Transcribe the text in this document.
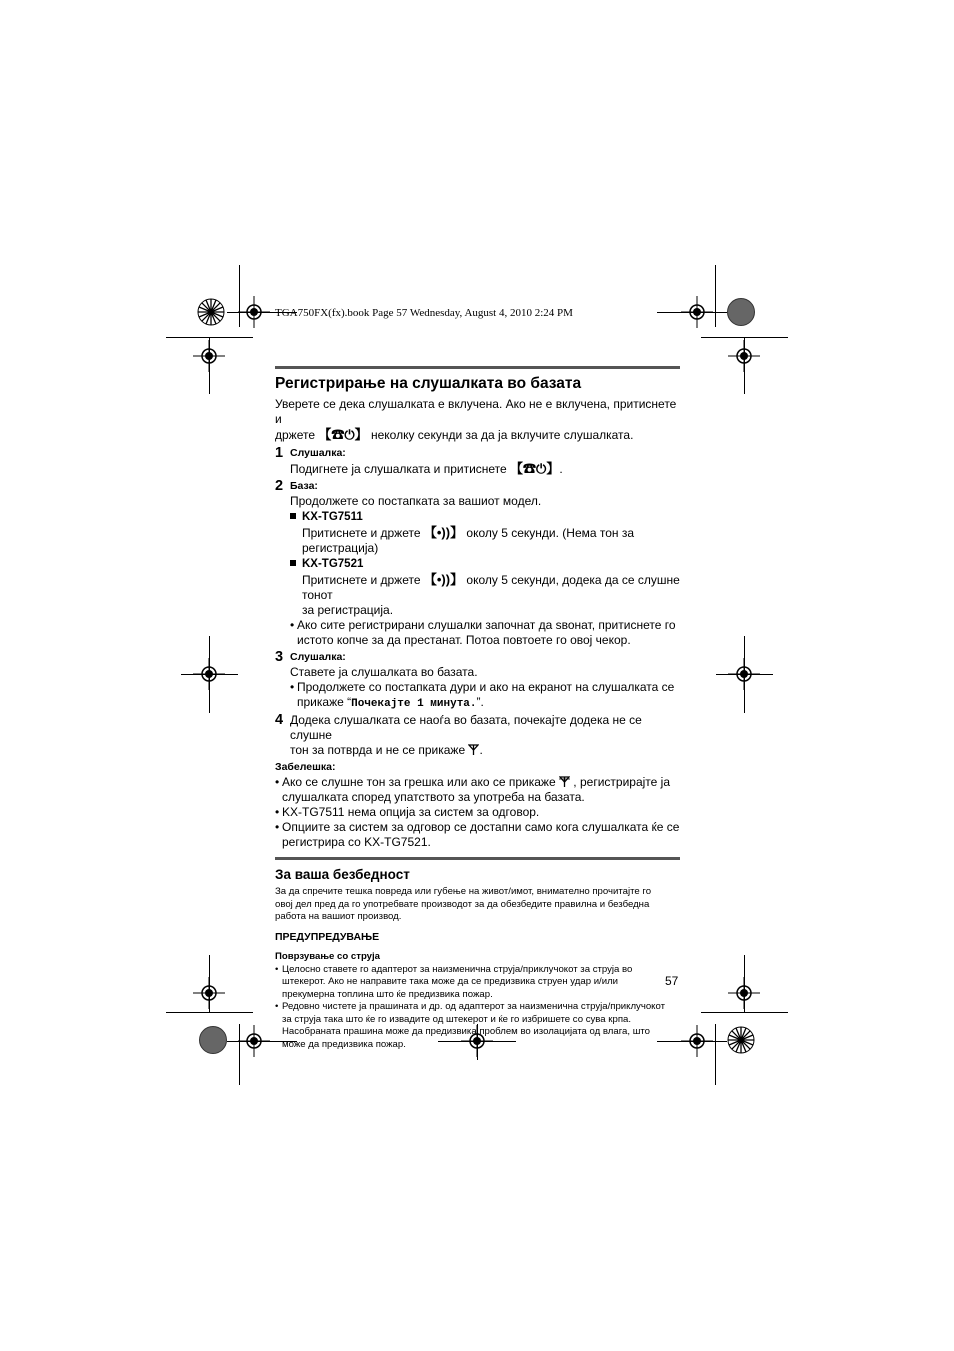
TGA750FX(fx).book Page 57 Wednesday, August 4, 2010 2:24 PM
Регистрирање на слушалката во базата

Уверете се дека слушалката е вклучена. Ако не е вклучена, притиснете и
држете 【☎⏻】 неколку секунди за да ја вклучите слушалката.

1 Слушалка:

Подигнете ја слушалката и притиснете 【☎⏻】.

2 База:

Продолжете со постапката за вашиот модел.

KX-TG7511

Притиснете и држете 【•))】 околу 5 секунди. (Нема тон за регистрација)

KX-TG7521

Притиснете и држете 【•))】 околу 5 секунди, додека да се слушне тонот
за регистрација.

• Ако сите регистрирани слушалки започнат да ѕвонат, притиснете го
истото копче за да престанат. Потоа повтоете го овој чекор.
3 Слушалка:

Ставете ја слушалката во базата.

• Продолжете со постапката дури и ако на екранот на слушалката се
прикаже “Почекајте 1 минута.”.
4 Додека слушалката се наоѓа во базата, почекајте додека не се слушне
тон за потврда и не се прикаже .

Забелешка:
• Ако се слушне тон за грешка или ако се прикаже  , регистрирајте ја
слушалката според упатството за употреба на базата.
• KX-TG7511 нема опција за систем за одговор.
• Опциите за систем за одговор се достапни само кога слушалката ќе се
регистрира со KX-TG7521.
За ваша безбедност

За да спречите тешка повреда или губење на живот/имот, внимателно прочитајте го
овој дел пред да го употребвате производот за да обезбедите правилна и безбедна
работа на вашиот производ.

ПРЕДУПРЕДУВАЊЕ
Поврзување со струја
• Целосно ставете го адаптерот за наизменична струја/приклучокот за струја во
штекерот. Ако не направите така може да се предизвика струен удар и/или
прекумерна топлина што ќе предизвика пожар.
• Редовно чистете ја прашината и др. од адаптерот за наизменична струја/приклучокот
за струја така што ќе го извадите од штекерот и ќе го избришете со сува крпа.
Насобраната прашина може да предизвика проблем во изолацијата од влага, што
може да предизвика пожар.
57
